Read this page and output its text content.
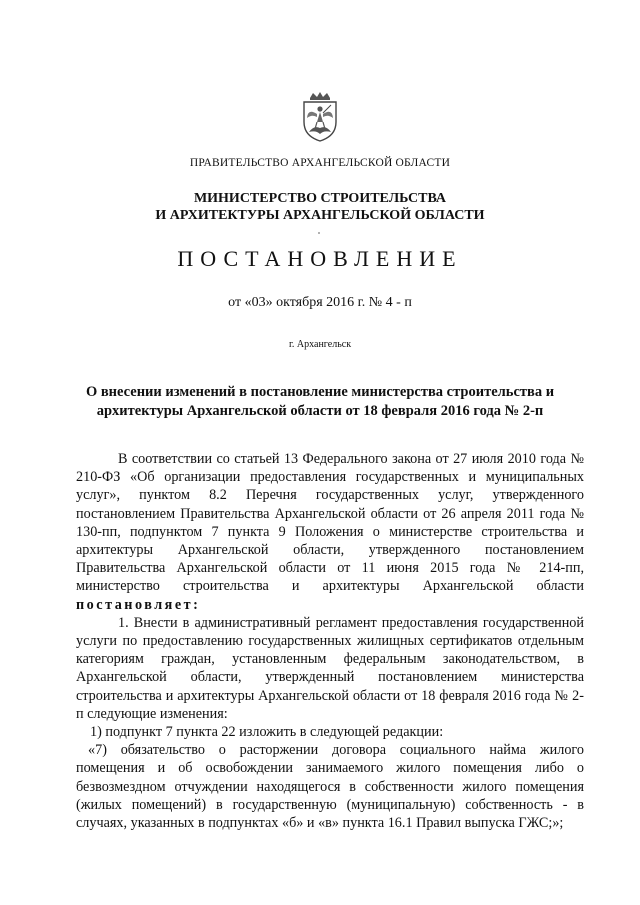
ПРАВИТЕЛЬСТВО АРХАНГЕЛЬСКОЙ ОБЛАСТИ
МИНИСТЕРСТВО СТРОИТЕЛЬСТВА
И АРХИТЕКТУРЫ АРХАНГЕЛЬСКОЙ ОБЛАСТИ
ПОСТАНОВЛЕНИЕ
от «03» октября 2016 г. № 4 - п
г. Архангельск
О внесении изменений в постановление министерства строительства и
архитектуры Архангельской области от 18 февраля 2016 года № 2-п

В соответствии со статьей 13 Федерального закона от 27 июля 2010 года № 210-ФЗ «Об организации предоставления государственных и муниципальных услуг», пунктом 8.2 Перечня государственных услуг, утвержденного постановлением Правительства Архангельской области от 26 апреля 2011 года № 130-пп, подпунктом 7 пункта 9 Положения о министерстве строительства и архитектуры Архангельской области, утвержденного постановлением Правительства Архангельской области от 11 июня 2015 года № 214-пп, министерство строительства и архитектуры Архангельской области постановляет:

1. Внести в административный регламент предоставления государственной услуги по предоставлению государственных жилищных сертификатов отдельным категориям граждан, установленным федеральным законодательством, в Архангельской области, утвержденный постановлением министерства строительства и архитектуры Архангельской области от 18 февраля 2016 года № 2-п следующие изменения:

1) подпункт 7 пункта 22 изложить в следующей редакции:

«7) обязательство о расторжении договора социального найма жилого помещения и об освобождении занимаемого жилого помещения либо о безвозмездном отчуждении находящегося в собственности жилого помещения (жилых помещений) в государственную (муниципальную) собственность - в случаях, указанных в подпунктах «б» и «в» пункта 16.1 Правил выпуска ГЖС;»;
